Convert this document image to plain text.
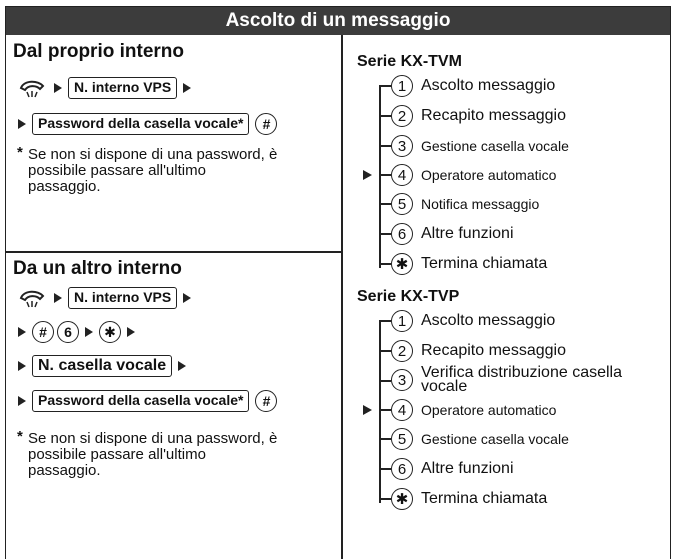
Ascolto di un messaggio
Dal proprio interno
N. interno VPS
Password della casella vocale*	#
* Se non si dispone di una password, è
possibile passare all'ultimo
passaggio.
Da un altro interno
N. interno VPS
#	6	✱
N. casella vocale
Password della casella vocale*	#
* Se non si dispone di una password, è
possibile passare all'ultimo
passaggio.
Serie KX-TVM
1 Ascolto messaggio
2 Recapito messaggio
3	Gestione casella vocale
4	Operatore automatico
5	Notifica messaggio
6 Altre funzioni
✱ Termina chiamata
Serie KX-TVP
1 Ascolto messaggio
2 Recapito messaggio
3 Verifica distribuzione casella
vocale
4	Operatore automatico
5	Gestione casella vocale
6 Altre funzioni
✱ Termina chiamata
